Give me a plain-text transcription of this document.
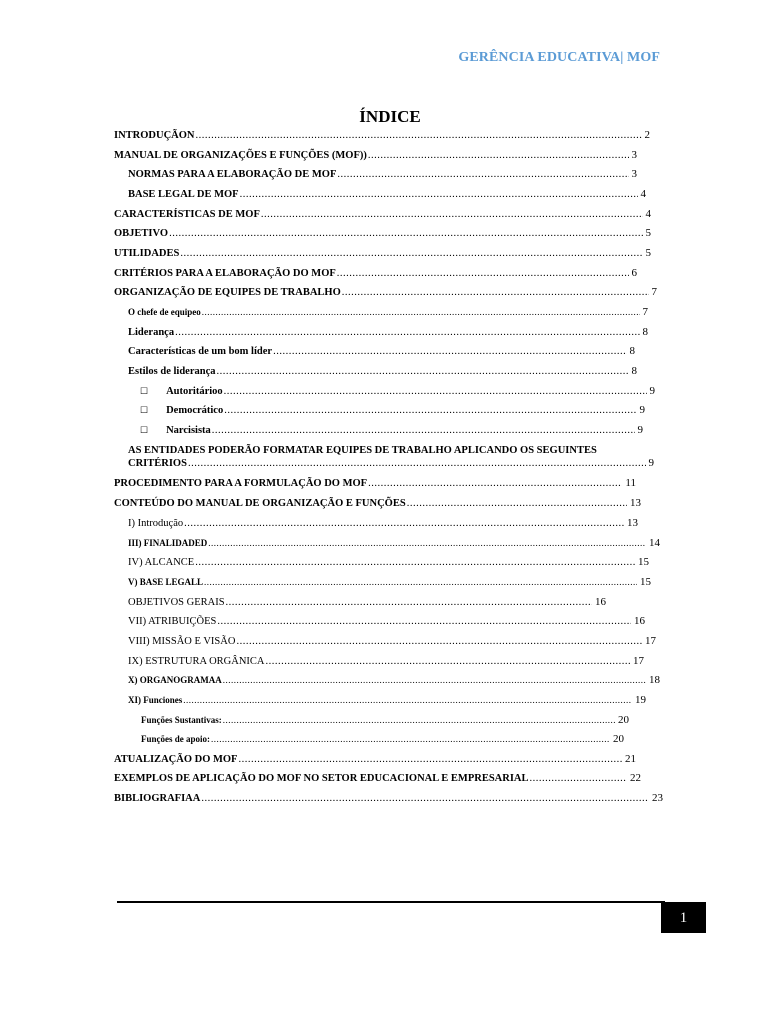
GERÊNCIA EDUCATIVA| MOF
ÍNDICE
INTRODUÇÃON .....	2
MANUAL DE ORGANIZAÇÕES E FUNÇÕES (MOF)) .....	3
NORMAS PARA A ELABORAÇÃO DE MOF .....	3
BASE LEGAL DE MOF .....	4
CARACTERÍSTICAS DE MOF .....	4
OBJETIVO .....	5
UTILIDADES .....	5
CRITÉRIOS PARA A ELABORAÇÃO DO MOF .....	6
ORGANIZAÇÃO DE EQUIPES DE TRABALHO .....	7
O chefe de equipeo .....	7
Liderança .....	8
Características de um bom líder .....	8
Estilos de liderança .....	8
☐ Autoritárioo .....	9
☐ Democrático .....	9
☐ Narcisista .....	9
AS ENTIDADES PODERÃO FORMATAR EQUIPES DE TRABALHO APLICANDO OS SEGUINTES
CRITÉRIOS .....	9
PROCEDIMENTO PARA A FORMULAÇÃO DO MOF .....	11
CONTEÚDO DO MANUAL DE ORGANIZAÇÃO E FUNÇÕES .....	13
I) Introdução .....	13
III) FINALIDADED .....	14
IV) ALCANCE .....	15
V) BASE LEGALL .....	15
OBJETIVOS GERAIS .....	16
VII) ATRIBUIÇÕES .....	16
VIII) MISSÃO E VISÃO .....	17
IX) ESTRUTURA ORGÂNICA .....	17
X) ORGANOGRAMAA .....	18
XI) Funciones .....	19
Funções Sustantivas: .....	20
Funções de apoio: .....	20
ATUALIZAÇÃO DO MOF .....	21
EXEMPLOS DE APLICAÇÃO DO MOF NO SETOR EDUCACIONAL E EMPRESARIAL .....	22
BIBLIOGRAFIAA .....	23
1
